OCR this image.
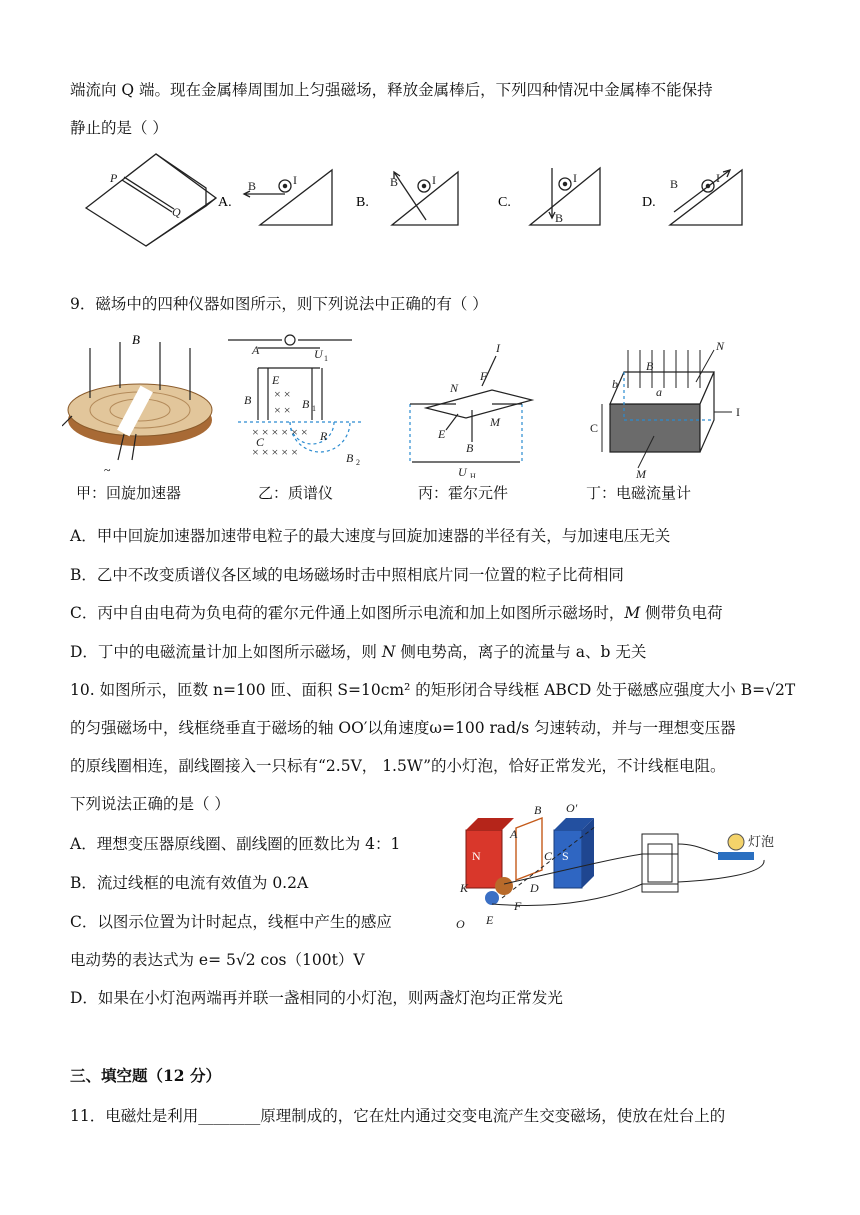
端流向 Q 端。现在金属棒周围加上匀强磁场，释放金属棒后，下列四种情况中金属棒不能保持
静止的是（ ）
P
Q
A.
B	I
B.
B	I
C.
B
I
D.
B	I
9．磁场中的四种仪器如图所示，则下列说法中正确的有（ ）
B
~
A	U 1
E
B	B 1
C	R
B 2
× ×
× ×
× × × × × ×
× × × × ×
I
N
F
M
E
B
U H
N
b
B
a
I
C
M
甲：回旋加速器	乙：质谱仪	丙：霍尔元件	丁：电磁流量计
A．甲中回旋加速器加速带电粒子的最大速度与回旋加速器的半径有关，与加速电压无关
B．乙中不改变质谱仪各区域的电场磁场时击中照相底片同一位置的粒子比荷相同
C．丙中自由电荷为负电荷的霍尔元件通上如图所示电流和加上如图所示磁场时，M 侧带负电荷
D．丁中的电磁流量计加上如图所示磁场，则 N 侧电势高，离子的流量与 a、b 无关
10. 如图所示，匝数 n=100 匝、面积 S=10cm² 的矩形闭合导线框 ABCD 处于磁感应强度大小 B=√2T
的匀强磁场中，线框绕垂直于磁场的轴 OO′以角速度ω=100 rad/s 匀速转动，并与一理想变压器
的原线圈相连，副线圈接入一只标有“2.5V， 1.5W”的小灯泡，恰好正常发光，不计线框电阻。
下列说法正确的是（ ）
A．理想变压器原线圈、副线圈的匝数比为 4：1
B．流过线框的电流有效值为 0.2A
C．以图示位置为计时起点，线框中产生的感应
电动势的表达式为 e= 5√2 cos（100t）V
D．如果在小灯泡两端再并联一盏相同的小灯泡，则两盏灯泡均正常发光
B O′
A
C
N	S
K	D
F
O E
灯泡
三、填空题（12 分）
11．电磁灶是利用________原理制成的，它在灶内通过交变电流产生交变磁场，使放在灶台上的
